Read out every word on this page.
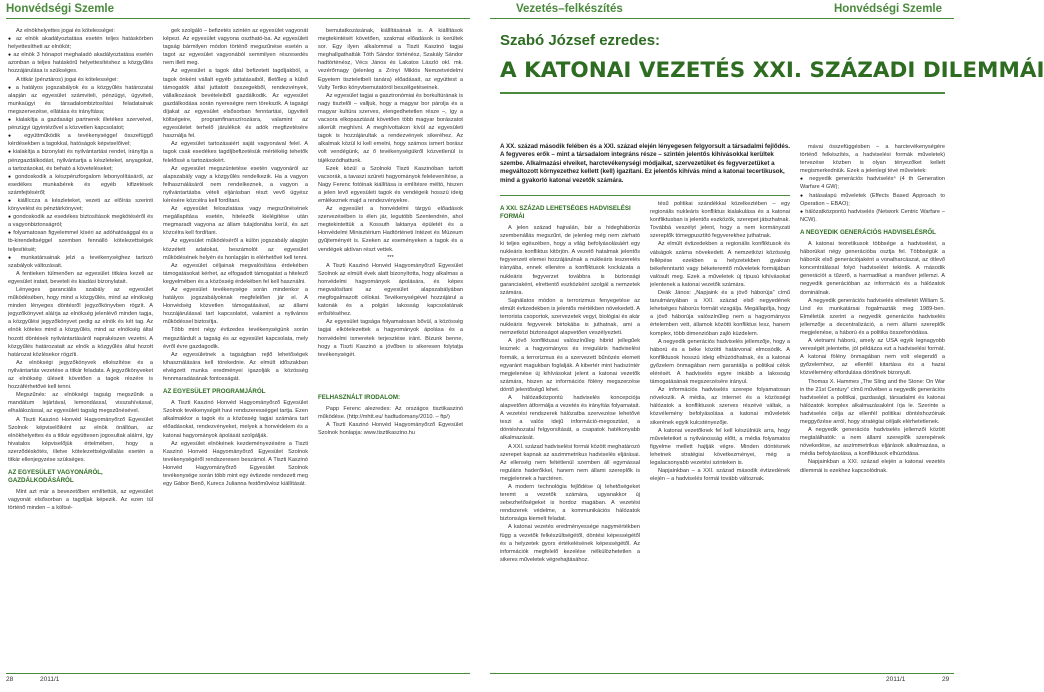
Honvédségi Szemle

Az elnökhelyettes jogai és kötelességei:

● az elnök akadályoztatása esetén teljes hatáskörben helyettesítheti az elnököt;

● az elnök 3 hónapot meghaladó akadályoztatása esetén azonban a teljes hatáskörű helyettesítéshez a közgyűlés hozzájárulása is szükséges.

A titkár (pénztáros) jogai és kötelességei:

● a hatályos jogszabályok és a közgyűlés határozatai alapján az egyesület számviteli, pénzügyi, ügyviteli, munkaügyi és társadalombiztosítási feladatainak megszervezése, ellátása és irányítása;

● kialakítja a gazdasági partnerek illetékes szerveivel, pénzügyi ügyintézővel a közvetlen kapcsolatot;

● együttműködik a tevékenységgel összefüggő kérdésekben a tagokkal, hatóságok képviselőivel;

● kialakítja a bizonylati és nyilvántartási rendet, irányítja a pénzgazdálkodást, nyilvántartja a készleteket, anyagokat, a tartozásokat, és beható a követeléseket;

● gondoskodik a készpénzforgalom lebonyolításáról, az esedékes munkabérek és egyéb kifizetések számfejtéséről;

● kiállíccza a készleteket, vezeti az előírás szerinti könyvelést és pénztárkönyvet;

● gondoskodik az esedékes biztosítások megkötéséről és a vagyonbiztonságról;

● folyamatosan figyelemmel kíséri az adóhatósággal és a tb-kirendeltséggel szemben fennálló kötelezettségek teljesítését;

● munkatársainak jelzi a tevékenységhez tartozó szabályok változásait.

A fentieken túlmenően az egyesület titkára kezeli az egyesület iratait, beveteli és kiadási bizonylatait.

Lényeges garanciális szabály az egyesület működésében, hogy mind a közgyűlés, mind az elnökség minden lényeges döntésről jegyzőkönyvben rögzít. A jegyzőkönyvet aláírja az elnökség jelenlévő minden tagja, a közgyűlési jegyzőkönyvet pedig az elnök és két tag. Az elnök köteles mind a közgyűlés, mind az elnökség által hozott döntések nyilvántartásáról naprakészen vezetni. A közgyűlés határozatait az elnök a közgyűlés által hozott határozat közlésekor rögzíti.

Az elnökségi jegyzőkönyvek elkészítése és a nyilvántartás vezetése a titkár feladata. A jegyzőkönyveket az elnökség üléseit követően a tagok részére is hozzáférhetővé kell tenni.

Megszűnés: az elnökségi tagság megszűnik a mandátum lejártával, lemondással, visszahívással, elhalálozással, az egyesületi tagság megszűnésével.

A Tiszti Kaszinó Honvéd Hagyományőrző Egyesület Szolnok képviselőiként az elnök önállóan, az elnökhelyettes és a titkár együttesen jogosultak aláírni, így hivatalos képviselőjük értelmében, hogy a szerződéskötés, illetve kötelezettségvállalás esetén a titkár ellenjegyzése szükséges.

AZ EGYESÜLET VAGYONÁRÓL, GAZDÁLKODÁSÁRÓL

Mint azt már a bevezetőben említettük, az egyesület vagyonát elsősorban a tagdíjak képezik. Az ezen túl történő minden – a költsé-

gek szolgáló – befizetés szintén az egyesület vagyonát képezi. Az egyesület vagyona osztható-ba. Az egyesületi tagság bármilyen módon történő megszűnése esetén a tagot az egyesület vagyonából semmilyen részesedés nem illeti meg.

Az egyesület a tagok által befizetett tagdíjakból, a tagok önként vállalt egyéb juttatásaiból, illetőleg a külső támogatók által juttatott összegekből, rendezvények, vállalkozások bevételeiből gazdálkodik. Az egyesület gazdálkodása során nyereségre nem törekszik. A tagsági díjakat az egyesület elsősorban fenntartási, ügyviteli költségeire, programfinanszírozásra, valamint az egyesületet terhelő járulékok és adók megfizetésére használja fel.

Az egyesület tartozásaiért saját vagyonával felel. A tagok csak esedékes tagdíjbefizetésük mértékéig tehetők felelőssé a tartozásokért.

Az egyesület megszüntetése esetén vagyonáról az alapszabály vagy a közgyűlés rendelkezik. Ha a vagyon felhasználásáról nem rendelkeznek, a vagyon a nyilvántartásba vételi eljárásban részt vevő ügyész kérésére közcélra kell fordítani.

Az egyesület feloszlatása vagy megszűnésének megállapítása esetén, hitelezők kielégítése után megmaradt vagyona az állam tulajdonába kerül, és azt közcélra kell fordítani.

Az egyesület működéséről a külön jogszabály alapján közzétett adatokat, beszámolót az egyesület működésének helyén és honlapján is elérhetővé kell tenni.

Az egyesület céljainak megvalósítása érdekében támogatásokat kérhet, az elfogadott támogatást a hitelező kegyelmében és a közösség érdekében fel kell használni.

Az egyesület tevékenysége során mindenkor a hatályos jogszabályoknak megfelelően jár el. A Honvédség közvetlen támogatásával, az állami hozzájárulással tart kapcsolatot, valamint a nyilvános működéssel biztosítja.

Több mint négy évtizedes tevékenységünk során megszilárdult a tagság és az egyesület kapcsolata, mely évről évre gazdagodik.

Az egyesületnek a tagságban rejlő lehetőségek kihasználására kell törekednie. Az elmúlt időszakban elvégzett munka eredményei igazolják a közösség fennmaradásának fontosságát.

AZ EGYESÜLET PROGRAMJÁRÓL

A Tiszti Kaszinó Honvéd Hagyományőrző Egyesület Szolnok tevékenységét havi rendszerességgel tartja. Ezen alkalmakkor a tagok és a közösség tagjai számára tart előadásokat, rendezvényeket, melyek a honvédelem és a katonai hagyományok ápolását szolgálják.

Az egyesület elnökének kezdeményezésére a Tiszti Kaszinó Honvéd Hagyományőrző Egyesület Szolnok tevékenységéről rendszeresen beszámol. A Tiszti Kaszinó Honvéd Hagyományőrző Egyesület Szolnok tevékenysége során több mint egy évtizede rendezett meg egy Gábor Benő, Kurecs Julianna festőművész kiállítását.

bemutatkozásának, kiállításának is. A kiállítások megtekintését követően, szakmai előadások is kerültek sor. Egy ilyen alkalommal a Tiszti Kaszinó tagjai meghallgathatták Tóth Sándor történész, Szakály Sándor hadtörténész, Vécs János és Lakatos László okl. mk. vezérőrnagy (jelenleg a Zrínyi Miklós Nemzetvédelmi Egyetem tiszteletbeli tanára) előadásait, az együttest a Vulty Tertko könyvbemutatóról beszélgetéseinek.

Az egyesület tagjai a gasztronómiai és borkultúrának is nagy tisztelői – valljuk, hogy a magyar bor párolja és a magyar kultúra szerves, elengedhetetlen része –, így a vacsora elkopasztását követően több magyar borászatot sikerült meghívni. A meghívottakon kívül az egyesületi tagok is hozzájárultak a rendezvények sikeréhez. Az alkalmak közül ki kell emelni, hogy számos ismert borász volt vendégünk, az ő tevékenységükről közvetlenül is tájékozódhattunk.

Ezek közül a Szolnoki Tiszti Kaszinóban tartott vacsorák, a tavaszi szüreti hagyományok felelevenítése, a Nagy Ferenc fotóinak kiállítása is említésre méltó, hiszen a jelen levő egyesületi tagok és vendégeik hosszú ideig emlékeznek majd a rendezvényekre.

Az egyesület a honvédelmi tárgyú előadások szervezésében is élen jár, legutóbb Szentendrén, ahol megtekintettük a Kossuth laktanya épületét és a Honvédelmi Minisztérium Hadtörténeti Intézet és Múzeum gyűjteményét is. Ezeken az eseményeken a tagok és a vendégek aktívan részt vettek.

***

A Tiszti Kaszinó Honvéd Hagyományőrző Egyesület Szolnok az elmúlt évek alatt bizonyította, hogy alkalmas a honvédelmi hagyományok ápolására, és képes megvalósítani az egyesület alapszabályában megfogalmazott célokat. Tevékenységével hozzájárul a katonák és a polgári lakosság kapcsolatának erősítéséhez.

Az egyesület tagsága folyamatosan bővül, a közösség tagjai elkötelezettek a hagyományok ápolása és a honvédelmi ismeretek terjesztése iránt. Bízunk benne, hogy a Tiszti Kaszinó a jövőben is sikeresen folytatja tevékenységét.

FELHASZNÁLT IRODALOM:

Papp Ferenc alezredes: Az országos tisztikaszinó működése. (http://mhtt.eu/ hadtudomany/2010. – ftp/)

A Tiszti Kaszinó Honvéd Hagyományőrző Egyesület Szolnok honlapja: www.tisztikaszino.hu

28	2011/1
Vezetés–felkészítés	Honvédségi Szemle
Szabó József ezredes:
A KATONAI VEZETÉS XXI. SZÁZADI DILEMMÁI

A XX. század második felében és a XXI. század elején lényegesen felgyorsult a társadalmi fejlődés. A fegyveres erők – mint a társadalom integráns része – szintén jelentős kihívásokkal kerültek szembe. Alkalmazási elveiket, harctevékenységi módjaikat, szervezetüket és fegyverzetüket a megváltozott környezethez kellett (kell) igazítani. Ez jelentős kihívás mind a katonai tecertikusok, mind a gyakorló katonai vezetők számára.

A XXI. SZÁZAD LEHETSÉGES HADVISELÉSI FORMÁI

A jelen század hajnalán, bár a hidegháborús szembenállás megszűnt, de jelenleg még nem zárható ki teljes egészében, hogy a világ befolyásolásáért egy nukleáris konfliktus kitörjön. A vezető hatalmak jelentős fegyverzeti elemei hozzájárulnak a nukleáris leszerelés irányába, ennek ellenére a konfliktusok kockázata a nukleáris fegyverzet továbbra is biztonsági garanciaként, elrettentő eszközként szolgál a nemzetek számára.

Sajnálatos módon a terrorizmus fenyegetése az elmúlt évtizedekben is jelentős mértékben növekedett. A terrorista csoportok, szervezetek vegyi, biológiai és akár nukleáris fegyverek birtokába is juthatnak, ami a nemzetközi biztonságot alapvetően veszélyezteti.

A jövő konfliktusai valószínűleg hibrid jellegűek lesznek: a hagyományos és irreguláris hadviselési formák, a terrorizmus és a szervezett bűnözés elemeit egyaránt magukban foglalják. A kibertér mint hadszíntér megjelenése új kihívásokat jelent a katonai vezetők számára, hiszen az információs fölény megszerzése döntő jelentőségű lehet.

A hálózatközpontú hadviselés koncepciója alapvetően átformálja a vezetés és irányítás folyamatait. A vezetési rendszerek hálózatba szervezése lehetővé teszi a valós idejű információ-megosztást, a döntéshozatal felgyorsítását, a csapatok hatékonyabb alkalmazását.

A XXI. század hadviselési formái között meghatározó szerepet kapnak az aszimmetrikus hadviselés eljárásai. Az ellenség nem feltétlenül szemben áll egymással reguláris haderőkkel, hanem nem állami szereplők is megjelennek a harctéren.

A modern technológia fejlődése új lehetőségeket teremt a vezetők számára, ugyanakkor új sebezhetőségeket is hordoz magában. A vezetési rendszerek védelme, a kommunikációs hálózatok biztonsága kiemelt feladat.

A katonai vezetés eredményessége nagymértékben függ a vezetők felkészültségétől, döntési képességétől és a helyzetek gyors értékelésének képességétől. Az információk megfelelő kezelése nélkülözhetetlen a sikeres műveletek végrehajtásához.

tésű politikai szándékkal közelkeztében – egy regionális nukleáris konfliktus kialakulása és a katonai konfliktusban is jelentős eszközök, szerepet játszhatnak. Továbbá veszélyt jelent, hogy a nem kormányzati szereplők tömegpusztító fegyverekhez juthatnak.

Az elmúlt évtizedekben a regionális konfliktusok és válságok száma növekedett. A nemzetközi közösség fellépése ezekben a helyzetekben gyakran békefenntartó vagy béketeremtő műveletek formájában valósult meg. Ezek a műveletek új típusú kihívásokat jelentenek a katonai vezetők számára.

Deák János: „Napjaink és a jövő háborúja” című tanulmányában a XXI. század első negyedének lehetséges háborús formáit vizsgálja. Megállapítja, hogy a jövő háborúja valószínűleg nem a hagyományos értelemben vett, államok közötti konfliktus lesz, hanem komplex, több dimenzióban zajló küzdelem.

A negyedik generációs hadviselés jellemzője, hogy a háború és a béke közötti határvonal elmosódik. A konfliktusok hosszú ideig elhúzódhatnak, és a katonai győzelem önmagában nem garantálja a politikai célok elérését. A hadviselés egyre inkább a lakosság támogatásának megszerzésére irányul.

Az információs hadviselés szerepe folyamatosan növekszik. A média, az internet és a közösségi hálózatok a konfliktusok szerves részévé váltak, a közvélemény befolyásolása a katonai műveletek sikerének egyik kulcstényezője.

A katonai vezetőknek fel kell készülniük arra, hogy műveleteiket a nyilvánosság előtt, a média folyamatos figyelme mellett hajtják végre. Minden döntésnek lehetnek stratégiai következményei, még a legalacsonyabb vezetési szinteken is.

Napjainkban – a XXI. század második évtizedének elején – a hadviselés formái tovább változnak.

mávai összefüggésben – a harctevékenységére történő felkészítés, a hadviselési formák műveletek) tervezése közben is olyan tényezőket kellett megismerkedniük. Ezek a jelenlegi tévé műveletek:

● negyedik generációs hadviselés⁴ (4 th Generation Warfare 4 GW);

● hatásalapú műveletek (Effects Based Approach to Operation – EBAO);

● hálózatközpontú hadviselés (Network Centric Warfare – NCW).

A NEGYEDIK GENERÁCIÓS HADVISELÉSRŐL

A katonai teoretikusok többsége a hadviselést, a háborúkat négy generációba osztja fel. Többségük a háborúk első generációjaként a vonalharcászat, az ötlevő koncentrálással folyó hadviselést tekintik. A második generációt a tűzerő, a harmadikat a manőver jellemzi. A negyedik generációban az információ és a hálózatok dominálnak.

A negyedik generációs hadviselés elméletét William S. Lind és munkatársai fogalmazták meg 1989-ben. Elméletük szerint a negyedik generációs hadviselés jellemzője a decentralizáció, a nem állami szereplők megjelenése, a háború és a politika összefonódása.

A vietnami háború, amely az USA egyik legnagyobb vereségét jelentette, jól példázza ezt a hadviselési formát. A katonai fölény önmagában nem volt elegendő a győzelemhez, az ellenfél kitartása és a hazai közvélemény elfordulása döntőnek bizonyult.

Thomas X. Hammes „The Sling and the Stone: On War in the 21st Century” című művében a negyedik generációs hadviselést a politikai, gazdasági, társadalmi és katonai hálózatok komplex alkalmazásaként írja le. Szerinte a hadviselés célja az ellenfél politikai döntéshozóinak meggyőzése arról, hogy stratégiai céljaik elérhetetlenek.

A negyedik generációs hadviselés jellemzői között megtalálhatók: a nem állami szereplők szerepének növekedése, az aszimmetrikus eljárások alkalmazása, a média befolyásolása, a konfliktusok elhúzódása.

Napjainkban a XXI. század elején a katonai vezetés dilemmái is ezekhez kapcsolódnak.

2011/1	29
